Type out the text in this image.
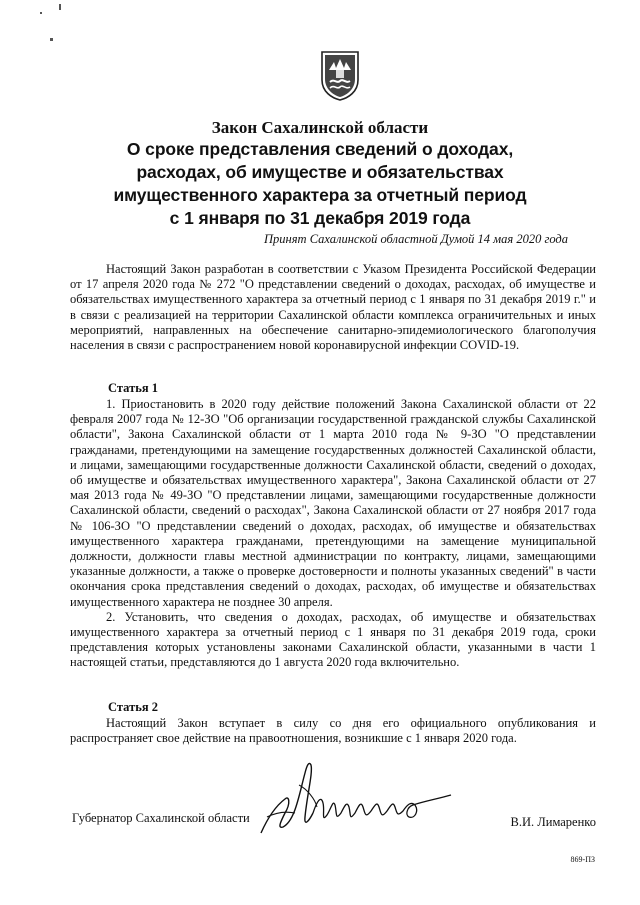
Закон Сахалинской области

О сроке представления сведений о доходах,

расходах, об имуществе и обязательствах

имущественного характера за отчетный период

с 1 января по 31 декабря 2019 года

Принят Сахалинской областной Думой 14 мая 2020 года

Настоящий Закон разработан в соответствии с Указом Президента Российской Федерации от 17 апреля 2020 года № 272 "О представлении сведений о доходах, расходах, об имуществе и обязательствах имущественного характера за отчетный период с 1 января по 31 декабря 2019 г." и в связи с реализацией на территории Сахалинской области комплекса ограничительных и иных мероприятий, направленных на обеспечение санитарно-эпидемиологического благополучия населения в связи с распространением новой коронавирусной инфекции COVID-19.

Статья 1

1. Приостановить в 2020 году действие положений Закона Сахалинской области от 22 февраля 2007 года № 12-ЗО "Об организации государственной гражданской службы Сахалинской области", Закона Сахалинской области от 1 марта 2010 года № 9-ЗО "О представлении гражданами, претендующими на замещение государственных должностей Сахалинской области, и лицами, замещающими государственные должности Сахалинской области, сведений о доходах, об имуществе и обязательствах имущественного характера", Закона Сахалинской области от 27 мая 2013 года № 49-ЗО "О представлении лицами, замещающими государственные должности Сахалинской области, сведений о расходах", Закона Сахалинской области от 27 ноября 2017 года № 106-ЗО "О представлении сведений о доходах, расходах, об имуществе и обязательствах имущественного характера гражданами, претендующими на замещение муниципальной должности, должности главы местной администрации по контракту, лицами, замещающими указанные должности, а также о проверке достоверности и полноты указанных сведений" в части окончания срока представления сведений о доходах, расходах, об имуществе и обязательствах имущественного характера не позднее 30 апреля.

2. Установить, что сведения о доходах, расходах, об имуществе и обязательствах имущественного характера за отчетный период с 1 января по 31 декабря 2019 года, сроки представления которых установлены законами Сахалинской области, указанными в части 1 настоящей статьи, представляются до 1 августа 2020 года включительно.

Статья 2

Настоящий Закон вступает в силу со дня его официального опубликования и распространяет свое действие на правоотношения, возникшие с 1 января 2020 года.

Губернатор Сахалинской области	В.И. Лимаренко
869-ПЗ
